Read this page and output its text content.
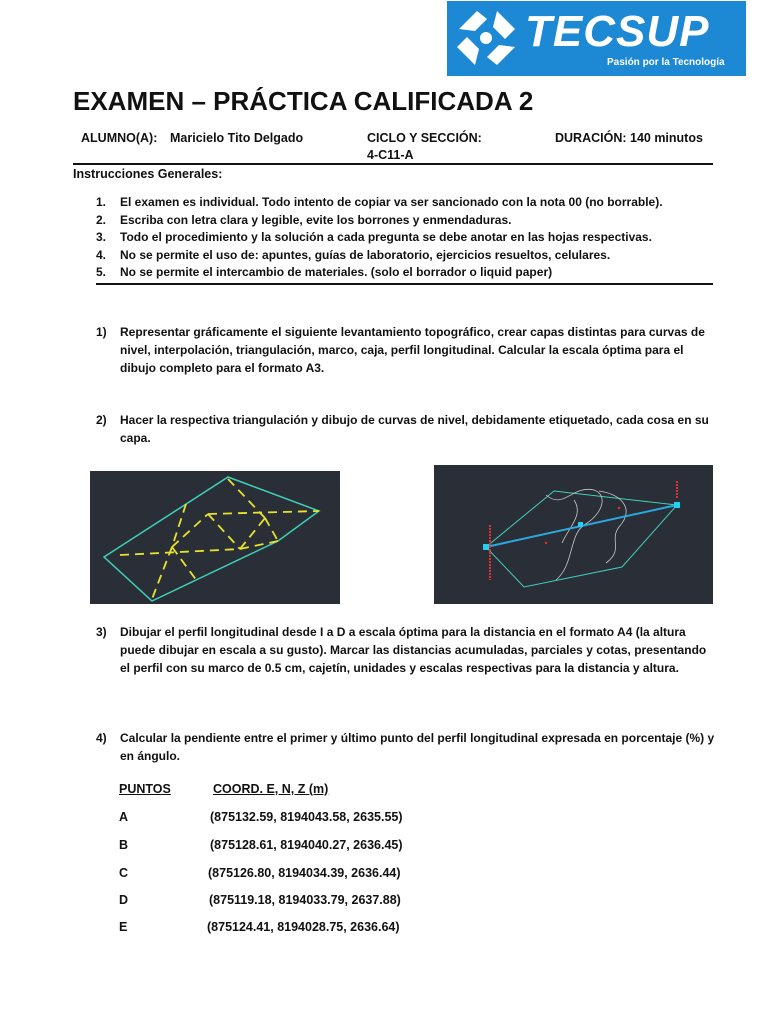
TECSUP
Pasión por la Tecnología
EXAMEN – PRÁCTICA CALIFICADA 2
ALUMNO(A): Maricielo Tito Delgado	CICLO Y SECCIÓN:
4-C11-A
DURACIÓN: 140 minutos
Instrucciones Generales:
1. El examen es individual. Todo intento de copiar va ser sancionado con la nota 00 (no borrable).
2. Escriba con letra clara y legible, evite los borrones y enmendaduras.
3. Todo el procedimiento y la solución a cada pregunta se debe anotar en las hojas respectivas.
4. No se permite el uso de: apuntes, guías de laboratorio, ejercicios resueltos, celulares.
5. No se permite el intercambio de materiales. (solo el borrador o liquid paper)
1) Representar gráficamente el siguiente levantamiento topográfico, crear capas distintas para curvas de nivel, interpolación, triangulación, marco, caja, perfil longitudinal. Calcular la escala óptima para el dibujo completo para el formato A3.
2) Hacer la respectiva triangulación y dibujo de curvas de nivel, debidamente etiquetado, cada cosa en su capa.
3) Dibujar el perfil longitudinal desde I a D a escala óptima para la distancia en el formato A4 (la altura puede dibujar en escala a su gusto). Marcar las distancias acumuladas, parciales y cotas, presentando el perfil con su marco de 0.5 cm, cajetín, unidades y escalas respectivas para la distancia y altura.
4) Calcular la pendiente entre el primer y último punto del perfil longitudinal expresada en porcentaje (%) y en ángulo.
PUNTOS	COORD. E, N, Z (m)
A	(875132.59, 8194043.58, 2635.55)
B	(875128.61, 8194040.27, 2636.45)
C	(875126.80, 8194034.39, 2636.44)
D	(875119.18, 8194033.79, 2637.88)
E	(875124.41, 8194028.75, 2636.64)
